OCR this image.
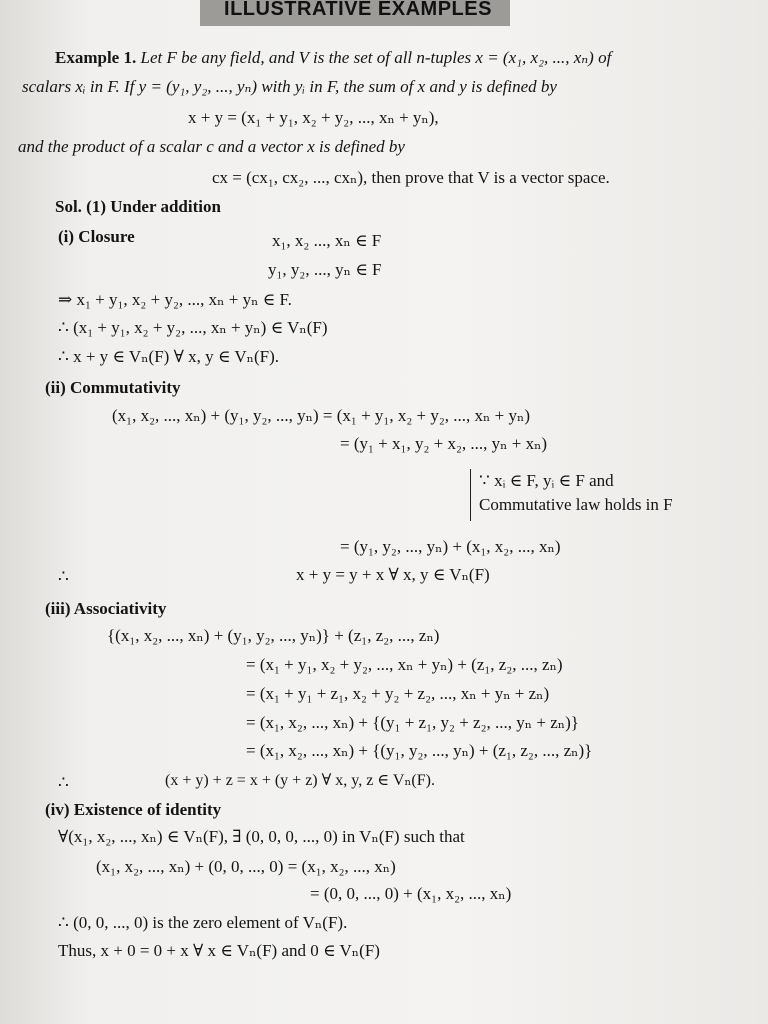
ILLUSTRATIVE EXAMPLES
Example 1. Let F be any field, and V is the set of all n-tuples x = (x₁, x₂, ..., xₙ) of
scalars xᵢ in F. If y = (y₁, y₂, ..., yₙ) with yᵢ in F, the sum of x and y is defined by
x + y = (x₁ + y₁, x₂ + y₂, ..., xₙ + yₙ),
and the product of a scalar c and a vector x is defined by
cx = (cx₁, cx₂, ..., cxₙ), then prove that V is a vector space.
Sol. (1) Under addition
(i) Closure	x₁, x₂ ..., xₙ ∈ F
y₁, y₂, ..., yₙ ∈ F
⇒ x₁ + y₁, x₂ + y₂, ..., xₙ + yₙ ∈ F.
∴ (x₁ + y₁, x₂ + y₂, ..., xₙ + yₙ) ∈ Vₙ(F)
∴ x + y ∈ Vₙ(F) ∀ x, y ∈ Vₙ(F).
(ii) Commutativity
(x₁, x₂, ..., xₙ) + (y₁, y₂, ..., yₙ) = (x₁ + y₁, x₂ + y₂, ..., xₙ + yₙ)
= (y₁ + x₁, y₂ + x₂, ..., yₙ + xₙ)
∵ xᵢ ∈ F, yᵢ ∈ F and
Commutative law holds in F
= (y₁, y₂, ..., yₙ) + (x₁, x₂, ..., xₙ)
∴	x + y = y + x ∀ x, y ∈ Vₙ(F)
(iii) Associativity
{(x₁, x₂, ..., xₙ) + (y₁, y₂, ..., yₙ)} + (z₁, z₂, ..., zₙ)
= (x₁ + y₁, x₂ + y₂, ..., xₙ + yₙ) + (z₁, z₂, ..., zₙ)
= (x₁ + y₁ + z₁, x₂ + y₂ + z₂, ..., xₙ + yₙ + zₙ)
= (x₁, x₂, ..., xₙ) + {(y₁ + z₁, y₂ + z₂, ..., yₙ + zₙ)}
= (x₁, x₂, ..., xₙ) + {(y₁, y₂, ..., yₙ) + (z₁, z₂, ..., zₙ)}
∴	(x + y) + z = x + (y + z) ∀ x, y, z ∈ Vₙ(F).
(iv) Existence of identity
∀(x₁, x₂, ..., xₙ) ∈ Vₙ(F), ∃ (0, 0, 0, ..., 0) in Vₙ(F) such that
(x₁, x₂, ..., xₙ) + (0, 0, ..., 0) = (x₁, x₂, ..., xₙ)
= (0, 0, ..., 0) + (x₁, x₂, ..., xₙ)
∴ (0, 0, ..., 0) is the zero element of Vₙ(F).
Thus, x + 0 = 0 + x ∀ x ∈ Vₙ(F) and 0 ∈ Vₙ(F)
